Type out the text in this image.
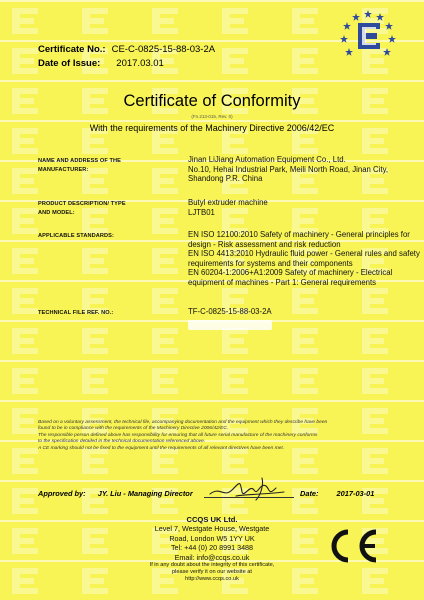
Certificate No.: CE-C-0825-15-88-03-2A
Date of Issue: 2017.03.01
Certificate of Conformity
(Fn.213-015, Rev. 0)
With the requirements of the Machinery Directive 2006/42/EC
NAME AND ADDRESS OF THE
MANUFACTURER:
Jinan LiJiang Automation Equipment Co., Ltd.
No.10, Hehai Industrial Park, Meili North Road, Jinan City,
Shandong P.R. China
PRODUCT DESCRIPTION/ TYPE
AND MODEL:
Butyl extruder machine
LJTB01
APPLICABLE STANDARDS:	EN ISO 12100:2010 Safety of machinery - General principles for
design - Risk assessment and risk reduction
EN ISO 4413:2010 Hydraulic fluid power - General rules and safety
requirements for systems and their components
EN 60204-1:2006+A1:2009 Safety of machinery - Electrical
equipment of machines - Part 1: General requirements
TECHNICAL FILE REF. NO.:	TF-C-0825-15-88-03-2A
Based on a voluntary assessment, the technical file, accompanying documentation and the equipment which they describe have been
found to be in compliance with the requirements of the Machinery Directive 2006/42/EC.
The responsible person defined above has responsibility for ensuring that all future serial manufacture of the machinery conforms
to the specification detailed in the technical documentation referenced above.
A CE marking should not be fixed to the equipment until the requirements of all relevant directives have been met.
Approved by: JY. Liu - Managing Director	Date: 2017-03-01
CCQS UK Ltd.
Level 7, Westgate House, Westgate
Road, London W5 1YY UK
Tel: +44 (0) 20 8991 3488
Email: info@ccqs.co.uk
If in any doubt about the integrity of this certificate,
please verify it on our website at
http://www.ccqs.co.uk
